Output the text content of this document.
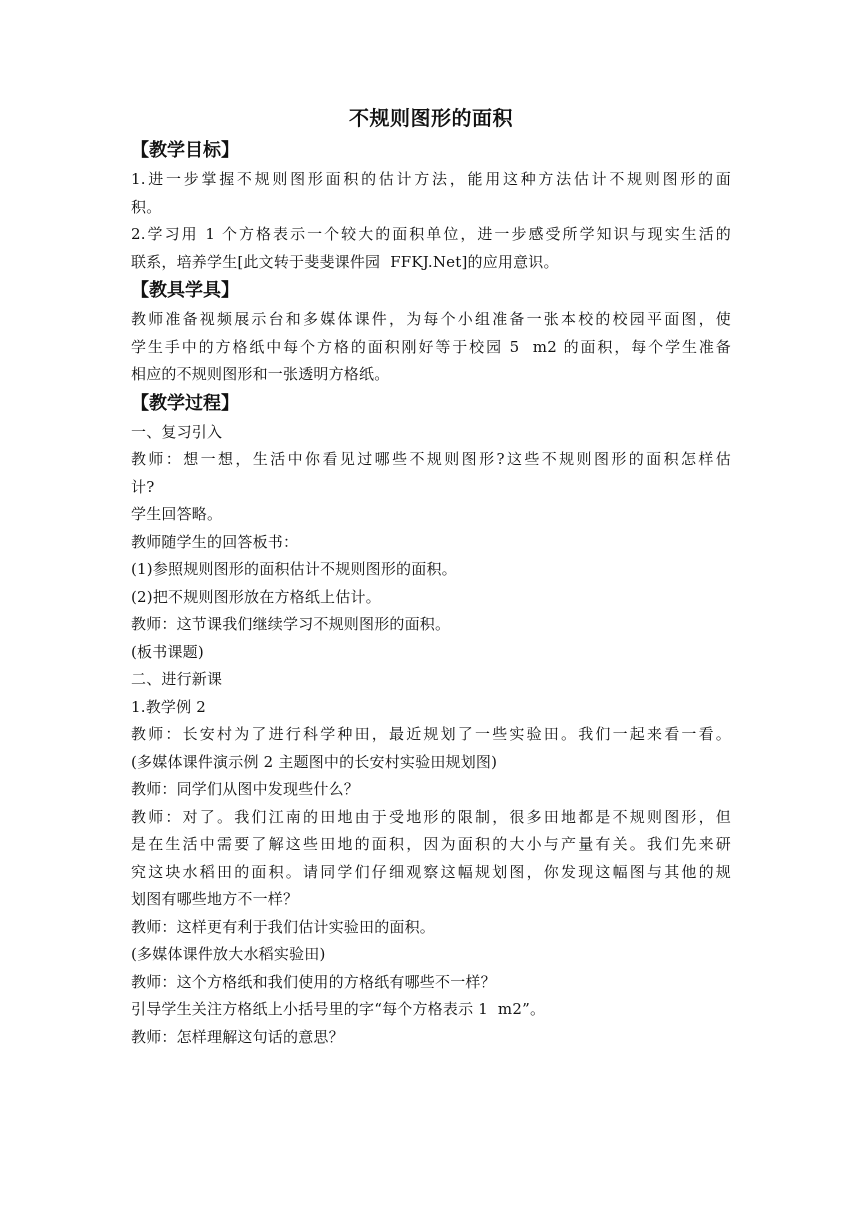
不规则图形的面积
【教学目标】

1.进一步掌握不规则图形面积的估计方法，能用这种方法估计不规则图形的面

积。

2.学习用 1 个方格表示一个较大的面积单位，进一步感受所学知识与现实生活的

联系，培养学生[此文转于斐斐课件园  FFKJ.Net]的应用意识。

【教具学具】

教师准备视频展示台和多媒体课件，为每个小组准备一张本校的校园平面图，使

学生手中的方格纸中每个方格的面积刚好等于校园 5  m2 的面积，每个学生准备

相应的不规则图形和一张透明方格纸。

【教学过程】

一、复习引入

教师：想一想，生活中你看见过哪些不规则图形?这些不规则图形的面积怎样估

计?

学生回答略。

教师随学生的回答板书：

(1)参照规则图形的面积估计不规则图形的面积。

(2)把不规则图形放在方格纸上估计。

教师：这节课我们继续学习不规则图形的面积。

(板书课题)

二、进行新课

1.教学例 2

教师：长安村为了进行科学种田，最近规划了一些实验田。我们一起来看一看。

(多媒体课件演示例 2 主题图中的长安村实验田规划图)

教师：同学们从图中发现些什么？

教师：对了。我们江南的田地由于受地形的限制，很多田地都是不规则图形，但

是在生活中需要了解这些田地的面积，因为面积的大小与产量有关。我们先来研

究这块水稻田的面积。请同学们仔细观察这幅规划图，你发现这幅图与其他的规

划图有哪些地方不一样？

教师：这样更有利于我们估计实验田的面积。

(多媒体课件放大水稻实验田)

教师：这个方格纸和我们使用的方格纸有哪些不一样？

引导学生关注方格纸上小括号里的字“每个方格表示 1  m2”。

教师：怎样理解这句话的意思？
